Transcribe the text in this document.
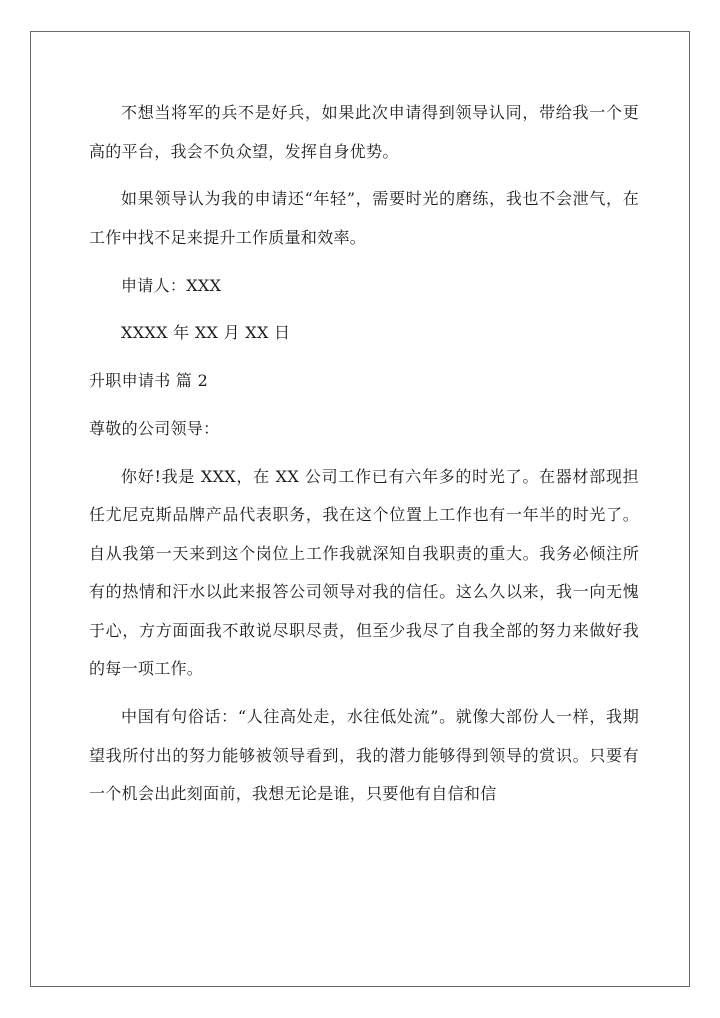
不想当将军的兵不是好兵，如果此次申请得到领导认同，带给我一个更高的平台，我会不负众望，发挥自身优势。

如果领导认为我的申请还“年轻”，需要时光的磨练，我也不会泄气，在工作中找不足来提升工作质量和效率。

申请人：XXX

XXXX 年 XX 月 XX 日

升职申请书 篇 2

尊敬的公司领导：

你好!我是 XXX，在 XX 公司工作已有六年多的时光了。在器材部现担任尤尼克斯品牌产品代表职务，我在这个位置上工作也有一年半的时光了。自从我第一天来到这个岗位上工作我就深知自我职责的重大。我务必倾注所有的热情和汗水以此来报答公司领导对我的信任。这么久以来，我一向无愧于心，方方面面我不敢说尽职尽责，但至少我尽了自我全部的努力来做好我的每一项工作。

中国有句俗话：“人往高处走，水往低处流”。就像大部份人一样，我期望我所付出的努力能够被领导看到，我的潜力能够得到领导的赏识。只要有一个机会出此刻面前，我想无论是谁，只要他有自信和信
